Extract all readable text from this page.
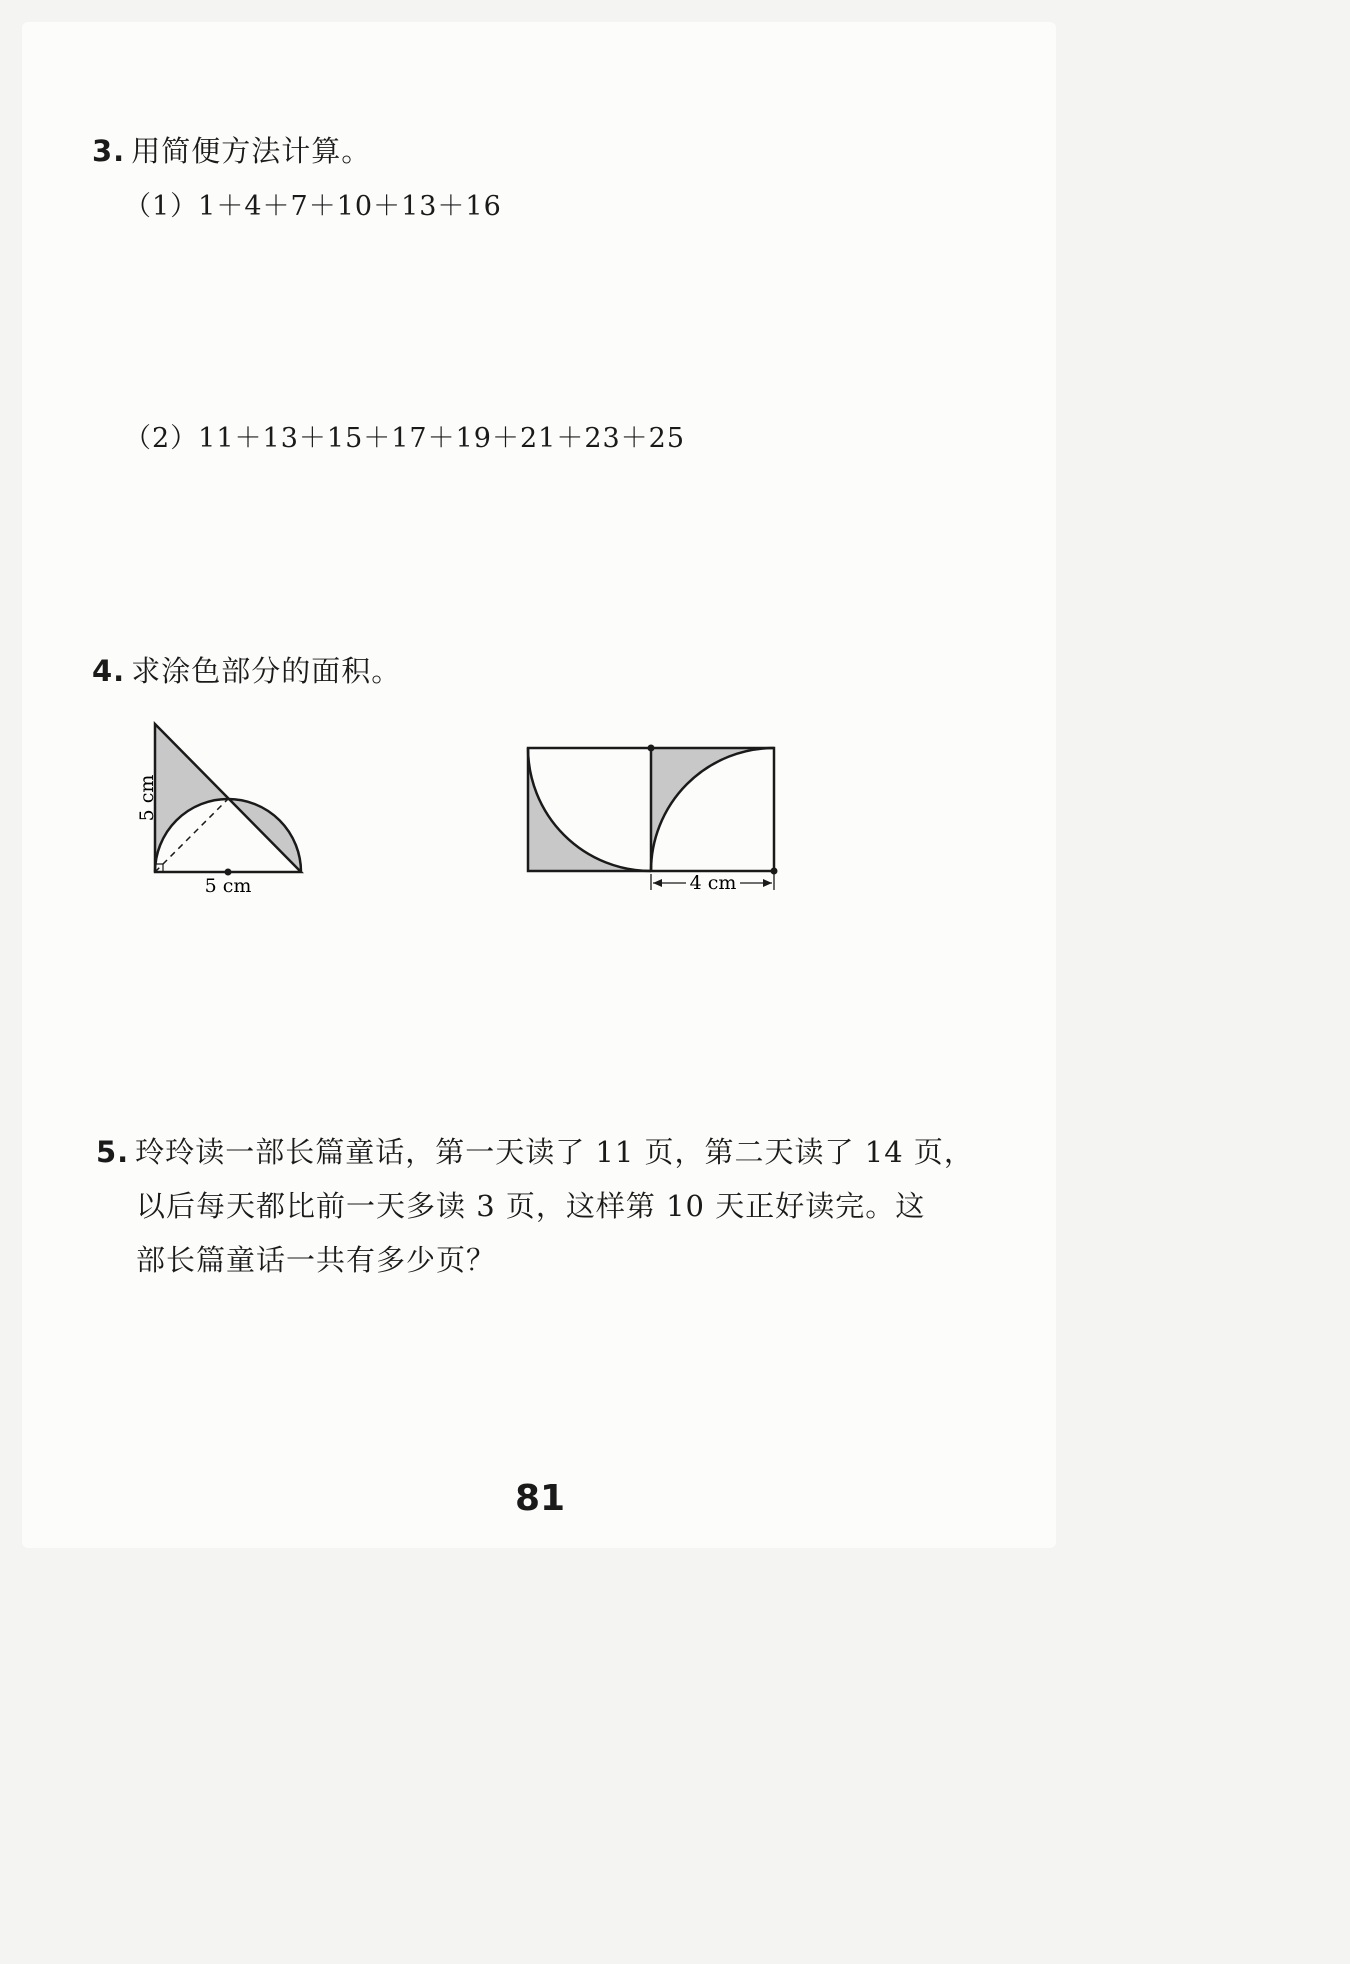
3. 用简便方法计算。
（1）1＋4＋7＋10＋13＋16
（2）11＋13＋15＋17＋19＋21＋23＋25
4. 求涂色部分的面积。
5 cm
5 cm	4 cm
5. 玲玲读一部长篇童话，第一天读了 11 页，第二天读了 14 页，
以后每天都比前一天多读 3 页，这样第 10 天正好读完。这
部长篇童话一共有多少页？
81
